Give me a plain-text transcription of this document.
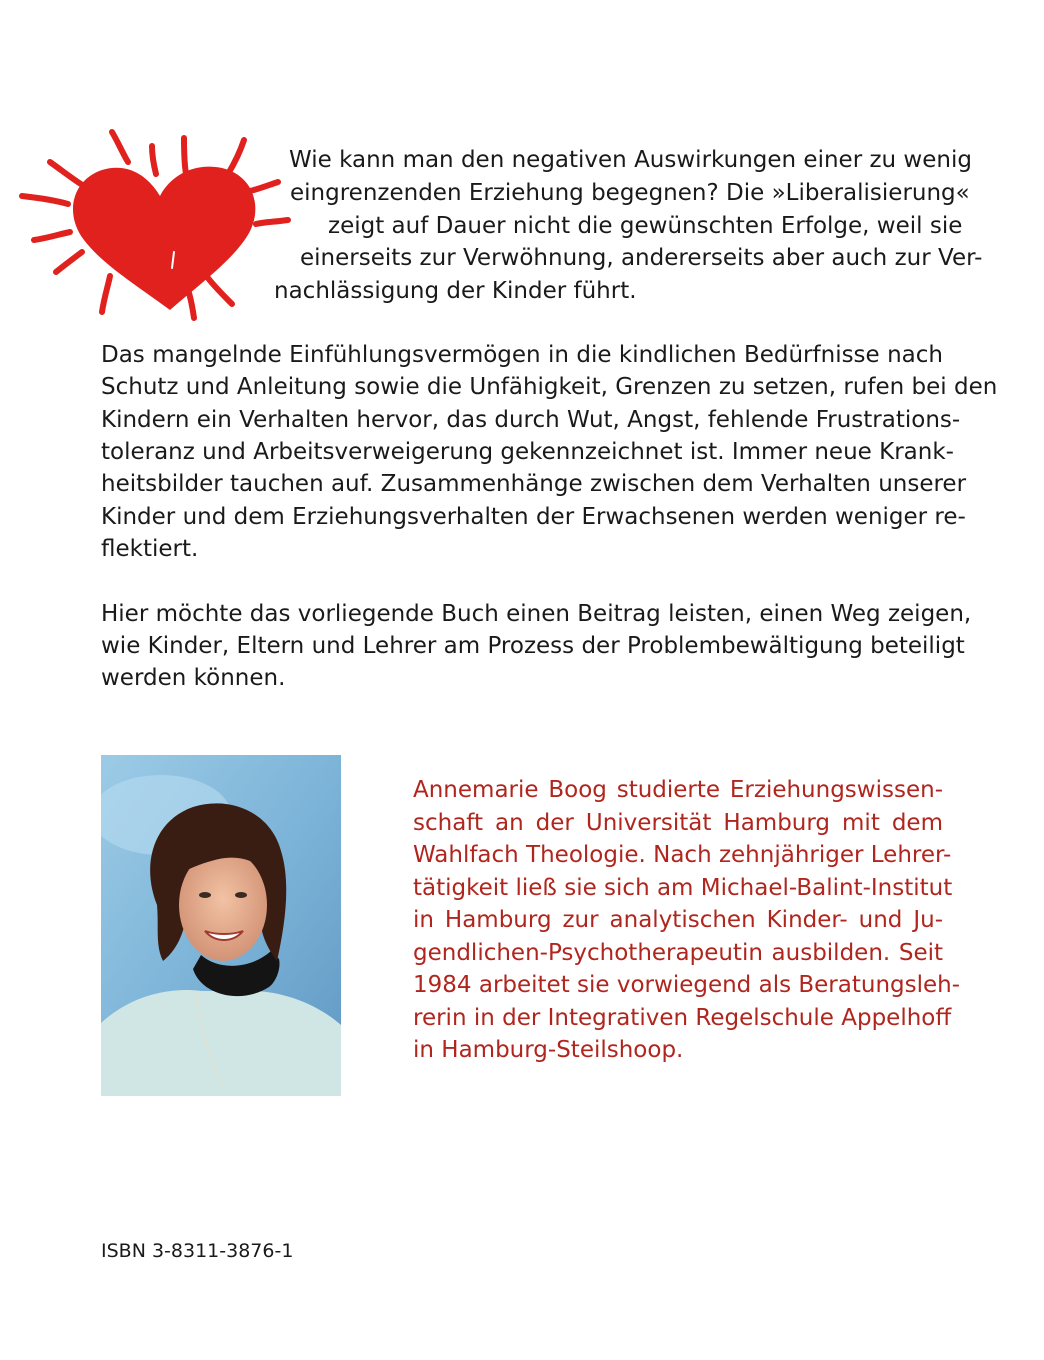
Wie kann man den negativen Auswirkungen einer zu wenig

eingrenzenden Erziehung begegnen? Die »Liberalisierung«

zeigt auf Dauer nicht die gewünschten Erfolge, weil sie

einerseits zur Verwöhnung, andererseits aber auch zur Ver-

nachlässigung der Kinder führt.

Das mangelnde Einfühlungsvermögen in die kindlichen Bedürfnisse nach

Schutz und Anleitung sowie die Unfähigkeit, Grenzen zu setzen, rufen bei den

Kindern ein Verhalten hervor, das durch Wut, Angst, fehlende Frustrations-

toleranz und Arbeitsverweigerung gekennzeichnet ist. Immer neue Krank-

heitsbilder tauchen auf. Zusammenhänge zwischen dem Verhalten unserer

Kinder und dem Erziehungsverhalten der Erwachsenen werden weniger re-

flektiert.

Hier möchte das vorliegende Buch einen Beitrag leisten, einen Weg zeigen,

wie Kinder, Eltern und Lehrer am Prozess der Problembewältigung beteiligt

werden können.

Annemarie Boog studierte Erziehungswissen-

schaft an der Universität Hamburg mit dem

Wahlfach Theologie. Nach zehnjähriger Lehrer-

tätigkeit ließ sie sich am Michael-Balint-Institut

in Hamburg zur analytischen Kinder- und Ju-

gendlichen-Psychotherapeutin ausbilden. Seit

1984 arbeitet sie vorwiegend als Beratungsleh-

rerin in der Integrativen Regelschule Appelhoff

in Hamburg-Steilshoop.

ISBN 3-8311-3876-1
